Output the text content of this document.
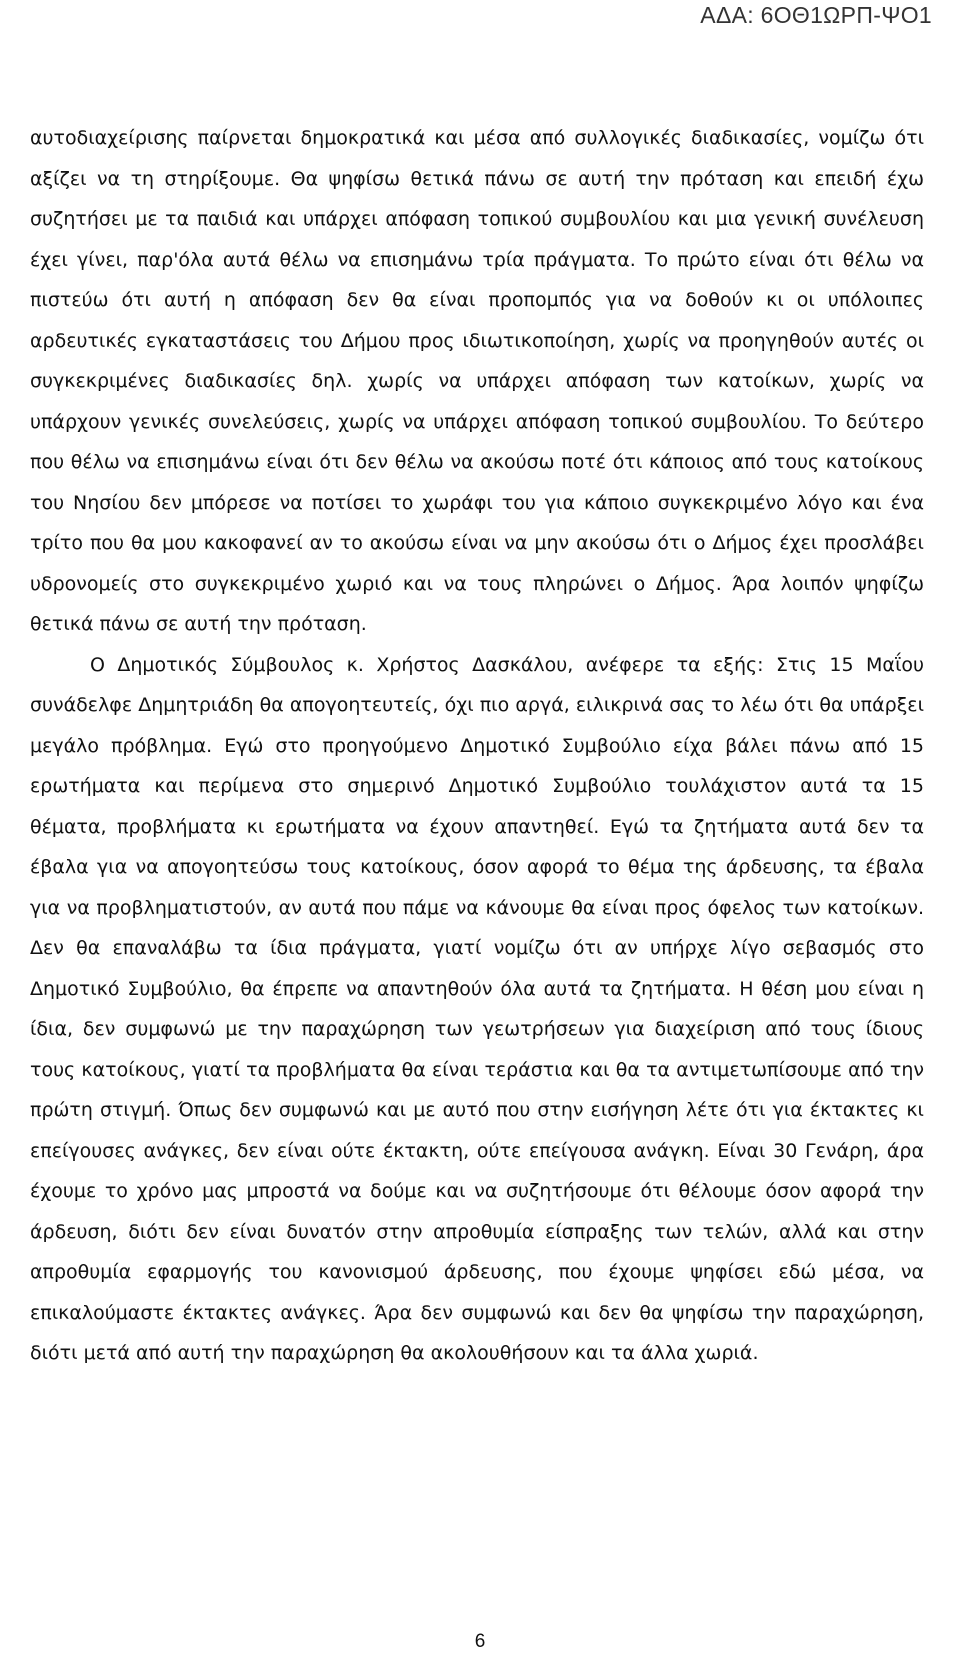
ΑΔΑ: 6ΟΘ1ΩΡΠ-ΨΟ1

αυτοδιαχείρισης παίρνεται δημοκρατικά και μέσα από συλλογικές διαδικασίες, νομίζω ότι αξίζει να τη στηρίξουμε. Θα ψηφίσω θετικά πάνω σε αυτή την πρόταση και επειδή έχω συζητήσει με τα παιδιά και υπάρχει απόφαση τοπικού συμβουλίου και μια γενική συνέλευση έχει γίνει, παρ'όλα αυτά θέλω να επισημάνω τρία πράγματα. Το πρώτο είναι ότι θέλω να πιστεύω ότι αυτή η απόφαση δεν θα είναι προπομπός για να δοθούν κι οι υπόλοιπες αρδευτικές εγκαταστάσεις του Δήμου προς ιδιωτικοποίηση, χωρίς να προηγηθούν αυτές οι συγκεκριμένες διαδικασίες δηλ. χωρίς να υπάρχει απόφαση των κατοίκων, χωρίς να υπάρχουν γενικές συνελεύσεις, χωρίς να υπάρχει απόφαση τοπικού συμβουλίου. Το δεύτερο που θέλω να επισημάνω είναι ότι δεν θέλω να ακούσω ποτέ ότι κάποιος από τους κατοίκους του Νησίου δεν μπόρεσε να ποτίσει το χωράφι του για κάποιο συγκεκριμένο λόγο και ένα τρίτο που θα μου κακοφανεί αν το ακούσω είναι να μην ακούσω ότι ο Δήμος έχει προσλάβει υδρονομείς στο συγκεκριμένο χωριό και να τους πληρώνει ο Δήμος. Άρα λοιπόν ψηφίζω θετικά πάνω σε αυτή την πρόταση.

Ο Δημοτικός Σύμβουλος κ. Χρήστος Δασκάλου, ανέφερε τα εξής: Στις 15 Μαΐου συνάδελφε Δημητριάδη θα απογοητευτείς, όχι πιο αργά, ειλικρινά σας το λέω ότι θα υπάρξει μεγάλο πρόβλημα. Εγώ στο προηγούμενο Δημοτικό Συμβούλιο είχα βάλει πάνω από 15 ερωτήματα και περίμενα στο σημερινό Δημοτικό Συμβούλιο τουλάχιστον αυτά τα 15 θέματα, προβλήματα κι ερωτήματα να έχουν απαντηθεί. Εγώ τα ζητήματα αυτά δεν τα έβαλα για να απογοητεύσω τους κατοίκους, όσον αφορά το θέμα της άρδευσης, τα έβαλα για να προβληματιστούν, αν αυτά που πάμε να κάνουμε θα είναι προς όφελος των κατοίκων. Δεν θα επαναλάβω τα ίδια πράγματα, γιατί νομίζω ότι αν υπήρχε λίγο σεβασμός στο Δημοτικό Συμβούλιο, θα έπρεπε να απαντηθούν όλα αυτά τα ζητήματα. Η θέση μου είναι η ίδια, δεν συμφωνώ με την παραχώρηση των γεωτρήσεων για διαχείριση από τους ίδιους τους κατοίκους, γιατί τα προβλήματα θα είναι τεράστια και θα τα αντιμετωπίσουμε από την πρώτη στιγμή. Όπως δεν συμφωνώ και με αυτό που στην εισήγηση λέτε ότι για έκτακτες κι επείγουσες ανάγκες, δεν είναι ούτε έκτακτη, ούτε επείγουσα ανάγκη. Είναι 30 Γενάρη, άρα έχουμε το χρόνο μας μπροστά να δούμε και να συζητήσουμε ότι θέλουμε όσον αφορά την άρδευση, διότι δεν είναι δυνατόν στην απροθυμία είσπραξης των τελών, αλλά και στην απροθυμία εφαρμογής του κανονισμού άρδευσης, που έχουμε ψηφίσει εδώ μέσα, να επικαλούμαστε έκτακτες ανάγκες. Άρα δεν συμφωνώ και δεν θα ψηφίσω την παραχώρηση, διότι μετά από αυτή την παραχώρηση θα ακολουθήσουν και τα άλλα χωριά.

6
